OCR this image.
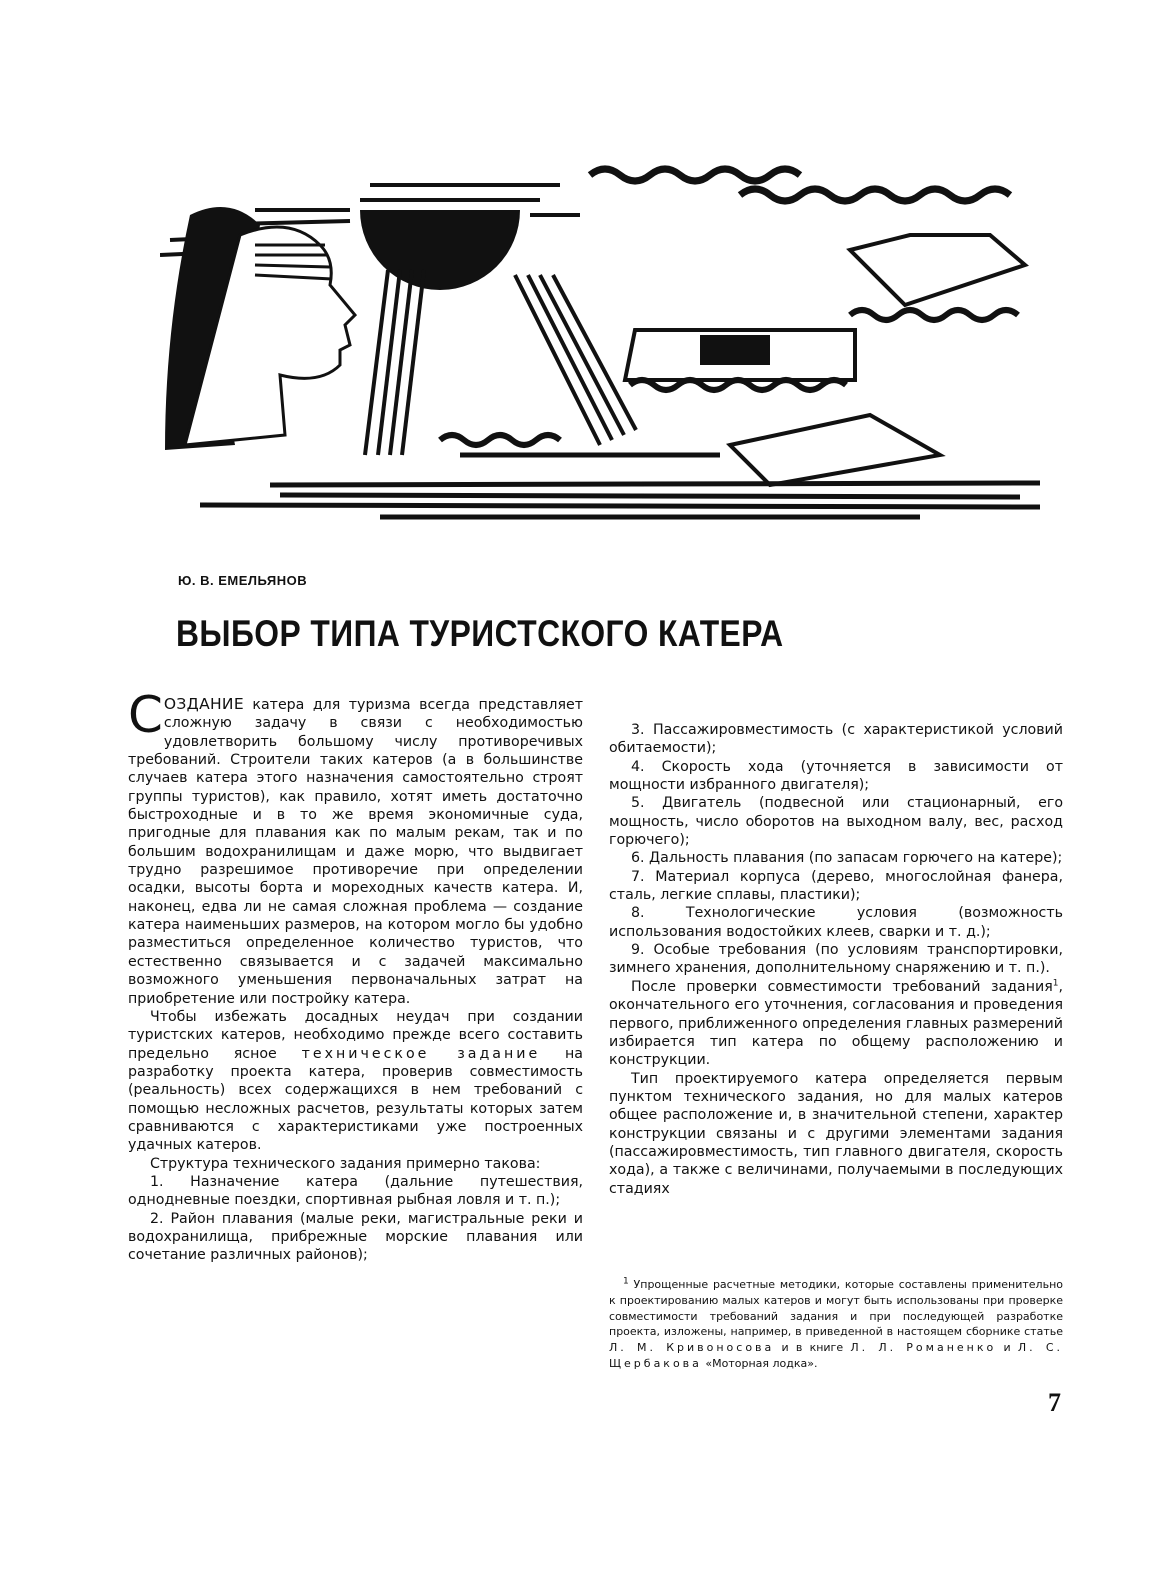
Ю. В. ЕМЕЛЬЯНОВ
ВЫБОР ТИПА ТУРИСТСКОГО КАТЕРА

СОЗДАНИЕ катера для туризма всегда представляет сложную задачу в связи с необходимостью удовлетворить большому числу противоречивых требований. Строители таких катеров (а в большинстве случаев катера этого назначения самостоятельно строят группы туристов), как правило, хотят иметь достаточно быстроходные и в то же время экономичные суда, пригодные для плавания как по малым рекам, так и по большим водохранилищам и даже морю, что выдвигает трудно разрешимое противоречие при определении осадки, высоты борта и мореходных качеств катера. И, наконец, едва ли не самая сложная проблема — создание катера наименьших размеров, на котором могло бы удобно разместиться определенное количество туристов, что естественно связывается и с задачей максимально возможного уменьшения первоначальных затрат на приобретение или постройку катера.

Чтобы избежать досадных неудач при создании туристских катеров, необходимо прежде всего составить предельно ясное техническое задание на разработку проекта катера, проверив совместимость (реальность) всех содержащихся в нем требований с помощью несложных расчетов, результаты которых затем сравниваются с характеристиками уже построенных удачных катеров.

Структура технического задания примерно такова:

1. Назначение катера (дальние путешествия, однодневные поездки, спортивная рыбная ловля и т. п.);

2. Район плавания (малые реки, магистральные реки и водохранилища, прибрежные морские плавания или сочетание различных районов);

3. Пассажировместимость (с характеристикой условий обитаемости);

4. Скорость хода (уточняется в зависимости от мощности избранного двигателя);

5. Двигатель (подвесной или стационарный, его мощность, число оборотов на выходном валу, вес, расход горючего);

6. Дальность плавания (по запасам горючего на катере);

7. Материал корпуса (дерево, многослойная фанера, сталь, легкие сплавы, пластики);

8. Технологические условия (возможность использования водостойких клеев, сварки и т. д.);

9. Особые требования (по условиям транспортировки, зимнего хранения, дополнительному снаряжению и т. п.).

После проверки совместимости требований задания$^1$, окончательного его уточнения, согласования и проведения первого, приближенного определения главных размерений избирается тип катера по общему расположению и конструкции.

Тип проектируемого катера определяется первым пунктом технического задания, но для малых катеров общее расположение и, в значительной степени, характер конструкции связаны и с другими элементами задания (пассажировместимость, тип главного двигателя, скорость хода), а также с величинами, получаемыми в последующих стадиях

$^1$ Упрощенные расчетные методики, которые составлены применительно к проектированию малых катеров и могут быть использованы при проверке совместимости требований задания и при последующей разработке проекта, изложены, например, в приведенной в настоящем сборнике статье Л. М. Кривоносова и в книге Л. Л. Романенко и Л. С. Щербакова «Моторная лодка».

7
